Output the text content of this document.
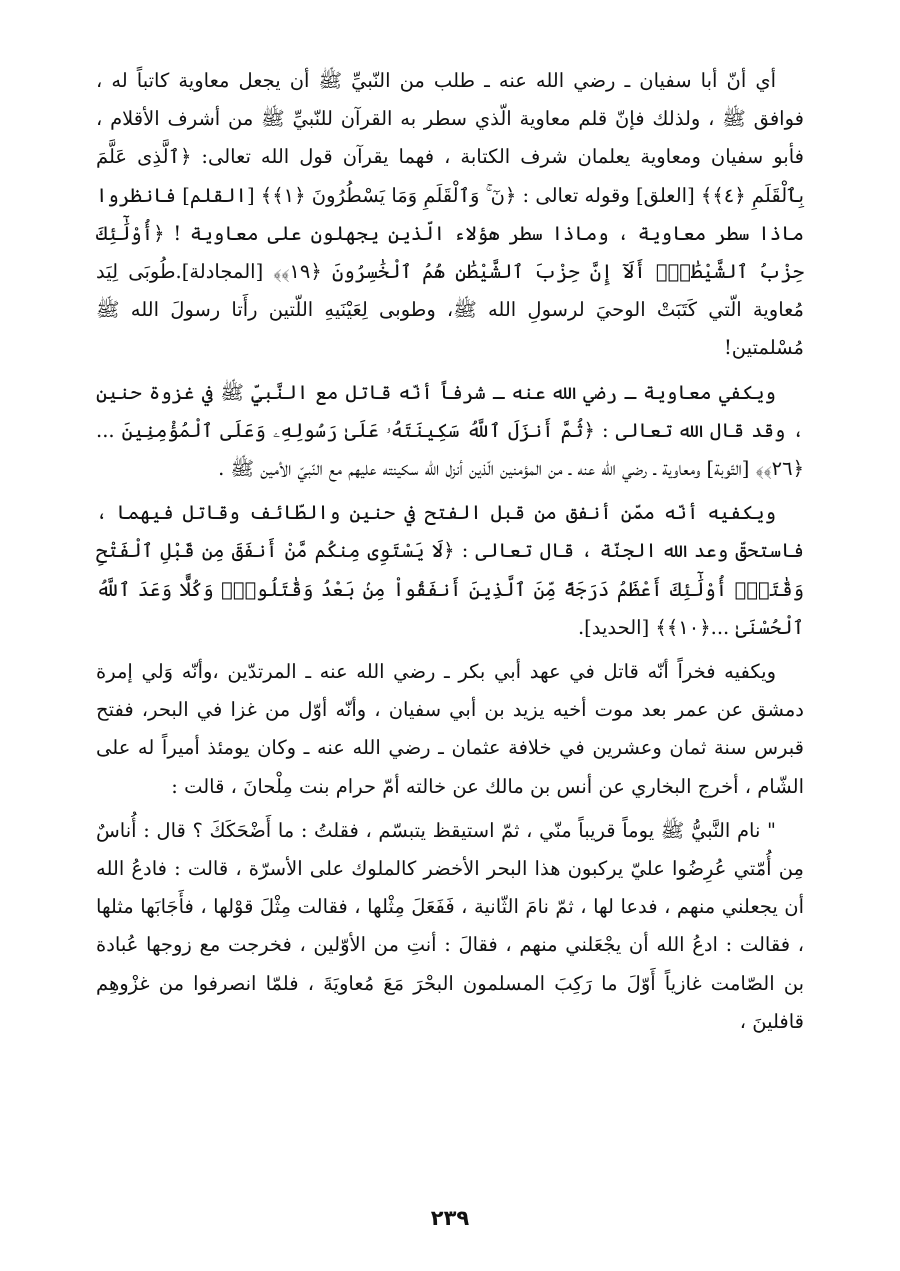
أي أنّ أبا سفيان ـ رضي الله عنه ـ طلب من النّبيِّ ﷺ أن يجعل معاوية كاتباً له ، فوافق ﷺ ، ولذلك فإنّ قلم معاوية الّذي سطر به القرآن للنّبيِّ ﷺ من أشرف الأقلام ، فأبو سفيان ومعاوية يعلمان شرف الكتابة ، فهما يقرآن قول الله تعالى: ﴿ٱلَّذِى عَلَّمَ بِٱلْقَلَمِ ﴿٤﴾﴾ [العلق] وقوله تعالى : ﴿نٓ ۚ وَٱلْقَلَمِ وَمَا يَسْطُرُونَ ﴿١﴾﴾ [القلم] فانظروا ماذا سطر معاوية ، وماذا سطر هؤلاء الّذين يجهلون على معاوية ! ﴿أُوْلَٰٓئِكَ حِزْبُ ٱلشَّيْطَٰنِۚ أَلَآ إِنَّ حِزْبَ ٱلشَّيْطَٰنِ هُمُ ٱلْخَٰسِرُونَ ﴿١٩﴾﴾ [المجادلة].طُوبَى لِيَد مُعاوية الّتي كَتَبَتْ الوحيَ لرسولِ الله ﷺ، وطوبى لِعَيْنَيهِ اللّتين رأَتا رسولَ الله ﷺ مُسْلمتين!

ويكفي معاوية ـ رضي الله عنه ـ شرفاً أنّه قاتل مع النَّبيِّ ﷺ في غزوة حنين ، وقد قال الله تعالى : ﴿ثُمَّ أَنزَلَ ٱللَّهُ سَكِينَتَهُۥ عَلَىٰ رَسُولِهِۦ وَعَلَى ٱلْمُؤْمِنِينَ ...﴿٢٦﴾﴾ [التّوبة] ومعاوية ـ رضي الله عنه ـ من المؤمنين الّذين أنزل الله سكينته عليهم مع النّبيّ الأمين ﷺ .

ويكفيه أنّه ممّن أنفق من قبل الفتح في حنين والطّائف وقاتل فيهما ، فاستحقّ وعد الله الجنّة ، قال تعالى : ﴿لَا يَسْتَوِى مِنكُم مَّنْ أَنفَقَ مِن قَبْلِ ٱلْفَتْحِ وَقَٰتَلَۚ أُوْلَٰٓئِكَ أَعْظَمُ دَرَجَةً مِّنَ ٱلَّذِينَ أَنفَقُواْ مِنۢ بَعْدُ وَقَٰتَلُواْۚ وَكُلًّا وَعَدَ ٱللَّهُ ٱلْحُسْنَىٰ ...﴿١٠﴾﴾ [الحديد].

ويكفيه فخراً أنّه قاتل في عهد أبي بكر ـ رضي الله عنه ـ المرتدّين ،وأنّه وَلي إمرة دمشق عن عمر بعد موت أخيه يزيد بن أبي سفيان ، وأنّه أوّل من غزا في البحر، ففتح قبرس سنة ثمان وعشرين في خلافة عثمان ـ رضي الله عنه ـ وكان يومئذ أميراً له على الشّام ، أخرج البخاري عن أنس بن مالك عن خالته أمّ حرام بنت مِلْحانَ ، قالت :

" نام النَّبيُّ ﷺ يوماً قريباً منّي ، ثمّ استيقظ يتبسّم ، فقلتُ : ما أَضْحَكَكَ ؟ قال : أُناسٌ مِن أُمّتي عُرِضُوا عليّ يركبون هذا البحر الأخضر كالملوك على الأسرّة ، قالت : فادعُ الله أن يجعلني منهم ، فدعا لها ، ثمّ نامَ الثّانية ، فَفَعَلَ مِثْلها ، فقالت مِثْلَ قوْلها ، فأَجَابَها مثلها ، فقالت : ادعُ الله أن يجْعَلني منهم ، فقالَ : أنتِ من الأوّلين ، فخرجت مع زوجها عُبادة بن الصّامت غازياً أَوّلَ ما رَكِبَ المسلمون البحْرَ مَعَ مُعاويَةَ ، فلمّا انصرفوا من غزْوهِم قافلينَ ،

٢٣٩
